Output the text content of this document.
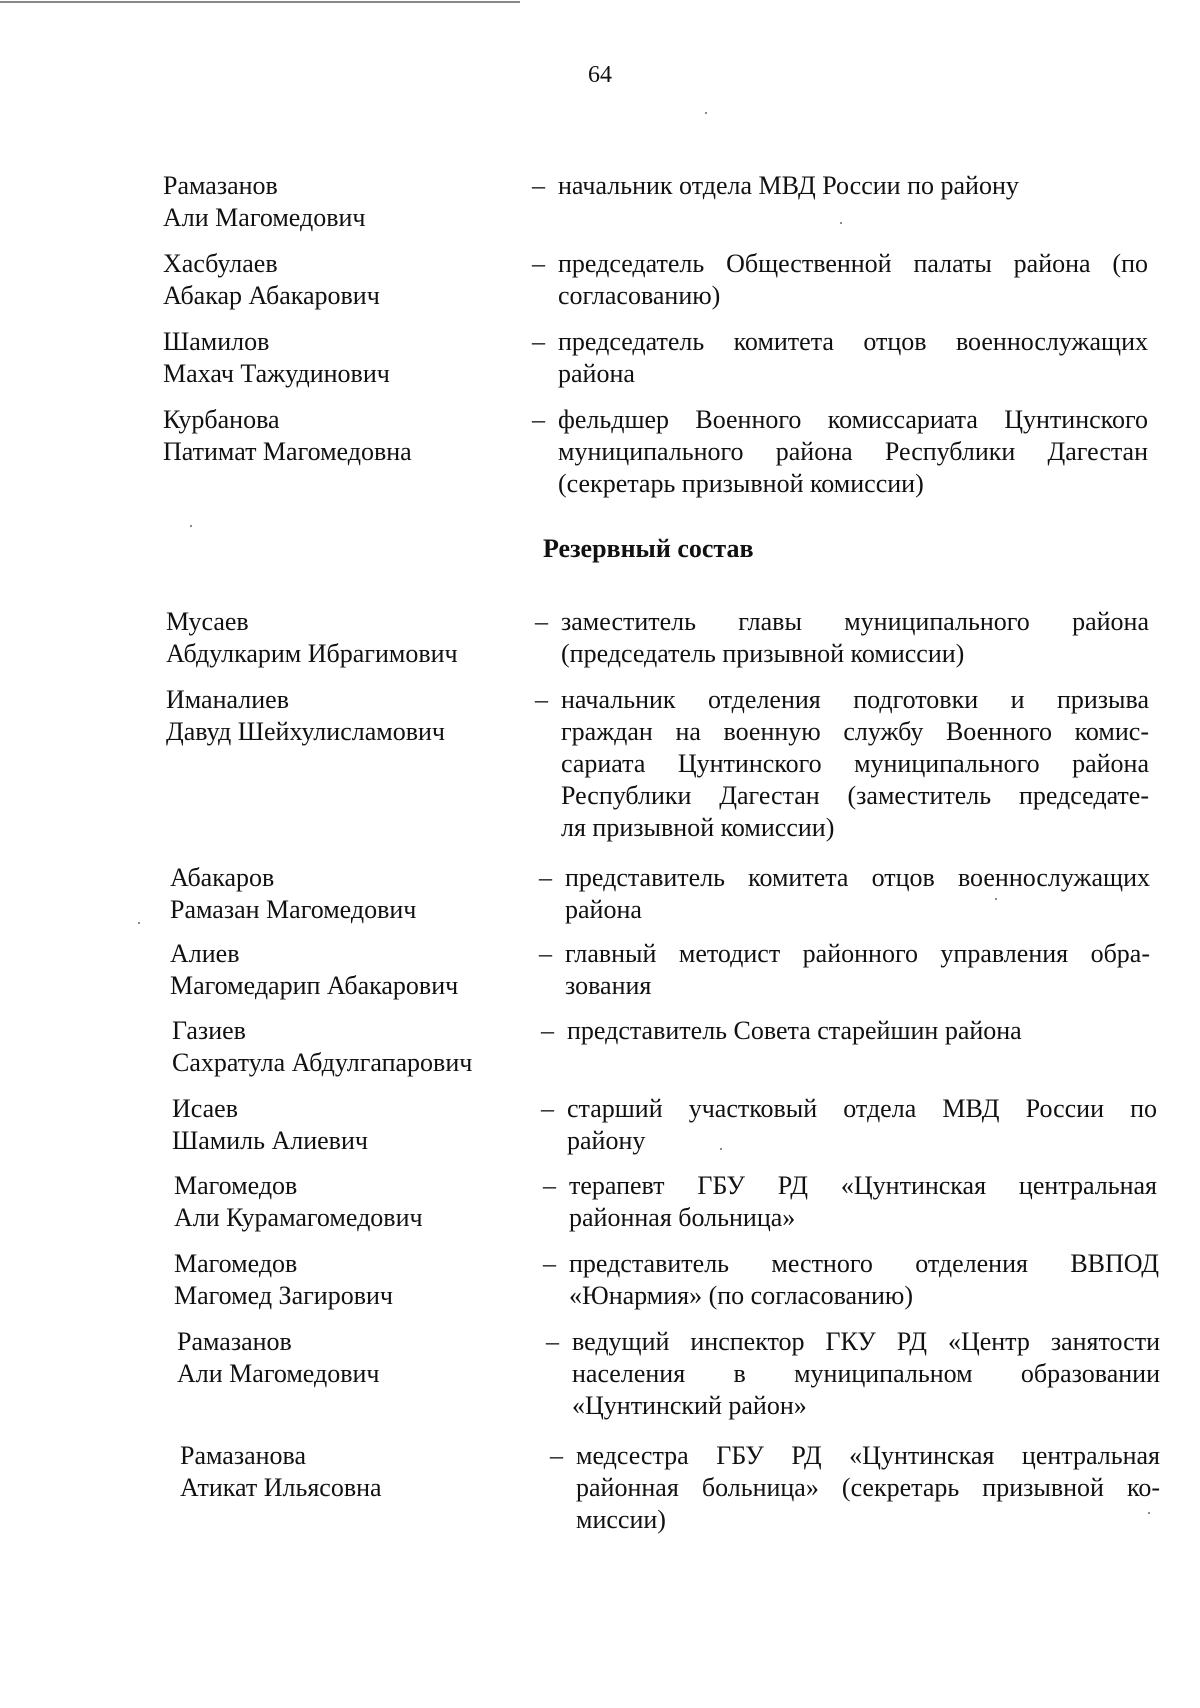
64
Резервный состав
Рамазанов
Али Магомедович
– начальник отдела МВД России по району
Хасбулаев
Абакар Абакарович
– председатель Общественной палаты района (по
согласованию)
Шамилов
Махач Тажудинович
– председатель комитета отцов военнослужащих
района
Курбанова
Патимат Магомедовна
– фельдшер Военного комиссариата Цунтинского
муниципального района Республики Дагестан
(секретарь призывной комиссии)
Мусаев
Абдулкарим Ибрагимович
– заместитель главы муниципального района
(председатель призывной комиссии)
Иманалиев
Давуд Шейхулисламович
– начальник отделения подготовки и призыва
граждан на военную службу Военного комис-
сариата Цунтинского муниципального района
Республики Дагестан (заместитель председате-
ля призывной комиссии)
Абакаров
Рамазан Магомедович
– представитель комитета отцов военнослужащих
района
Алиев
Магомедарип Абакарович
– главный методист районного управления обра-
зования
Газиев
Сахратула Абдулгапарович
– представитель Совета старейшин района
Исаев
Шамиль Алиевич
– старший участковый отдела МВД России по
району
Магомедов
Али Курамагомедович
– терапевт ГБУ РД «Цунтинская центральная
районная больница»
Магомедов
Магомед Загирович
– представитель местного отделения ВВПОД
«Юнармия» (по согласованию)
Рамазанов
Али Магомедович
– ведущий инспектор ГКУ РД «Центр занятости
населения в муниципальном образовании
«Цунтинский район»
Рамазанова
Атикат Ильясовна
– медсестра ГБУ РД «Цунтинская центральная
районная больница» (секретарь призывной ко-
миссии)
